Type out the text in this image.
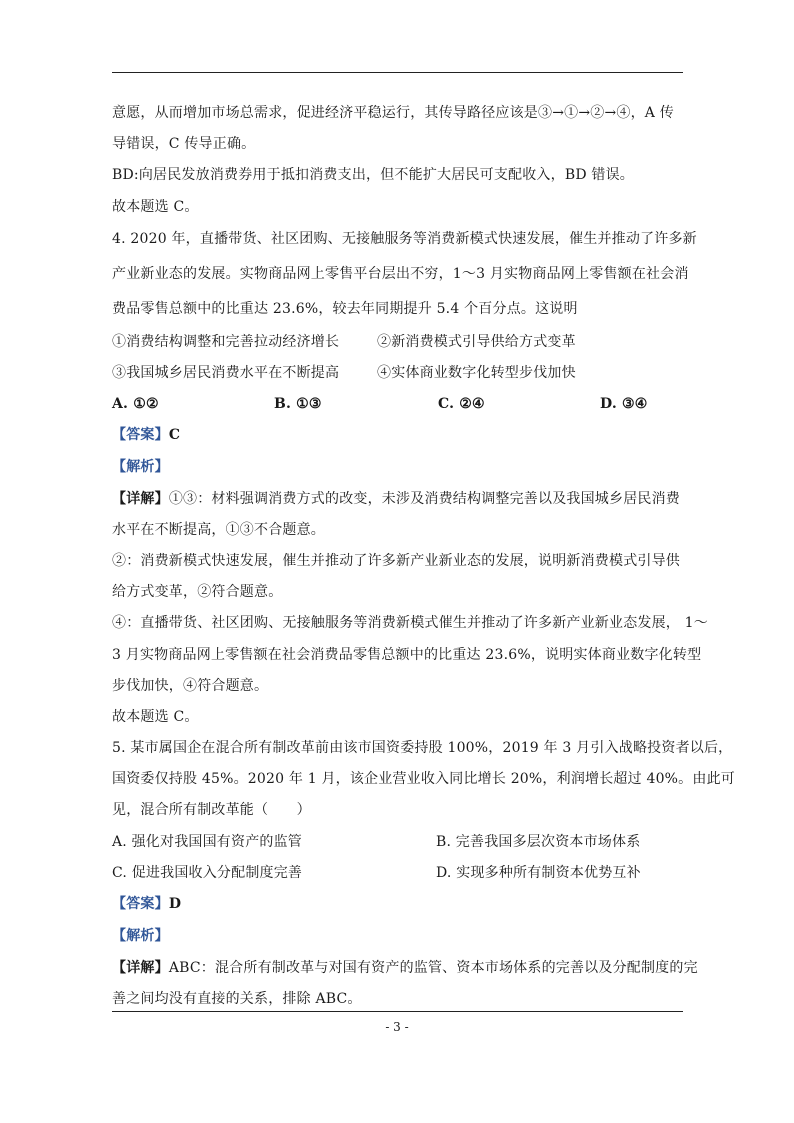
意愿，从而增加市场总需求，促进经济平稳运行，其传导路径应该是③→①→②→④，A 传
导错误，C 传导正确。
BD:向居民发放消费券用于抵扣消费支出，但不能扩大居民可支配收入，BD 错误。
故本题选 C。
4. 2020 年，直播带货、社区团购、无接触服务等消费新模式快速发展，催生并推动了许多新
产业新业态的发展。实物商品网上零售平台层出不穷，1～3 月实物商品网上零售额在社会消
费品零售总额中的比重达 23.6%，较去年同期提升 5.4 个百分点。这说明
①消费结构调整和完善拉动经济增长	②新消费模式引导供给方式变革
③我国城乡居民消费水平在不断提高	④实体商业数字化转型步伐加快
A. ①②	B. ①③	C. ②④	D. ③④
【答案】C
【解析】
【详解】①③：材料强调消费方式的改变，未涉及消费结构调整完善以及我国城乡居民消费
水平在不断提高，①③不合题意。
②：消费新模式快速发展，催生并推动了许多新产业新业态的发展，说明新消费模式引导供
给方式变革，②符合题意。
④：直播带货、社区团购、无接触服务等消费新模式催生并推动了许多新产业新业态发展， 1～
3 月实物商品网上零售额在社会消费品零售总额中的比重达 23.6%，说明实体商业数字化转型
步伐加快，④符合题意。
故本题选 C。
5. 某市属国企在混合所有制改革前由该市国资委持股 100%，2019 年 3 月引入战略投资者以后，
国资委仅持股 45%。2020 年 1 月，该企业营业收入同比增长 20%，利润增长超过 40%。由此可
见，混合所有制改革能（　　）
A. 强化对我国国有资产的监管	B. 完善我国多层次资本市场体系
C. 促进我国收入分配制度完善	D. 实现多种所有制资本优势互补
【答案】D
【解析】
【详解】ABC：混合所有制改革与对国有资产的监管、资本市场体系的完善以及分配制度的完
善之间均没有直接的关系，排除 ABC。
- 3 -
